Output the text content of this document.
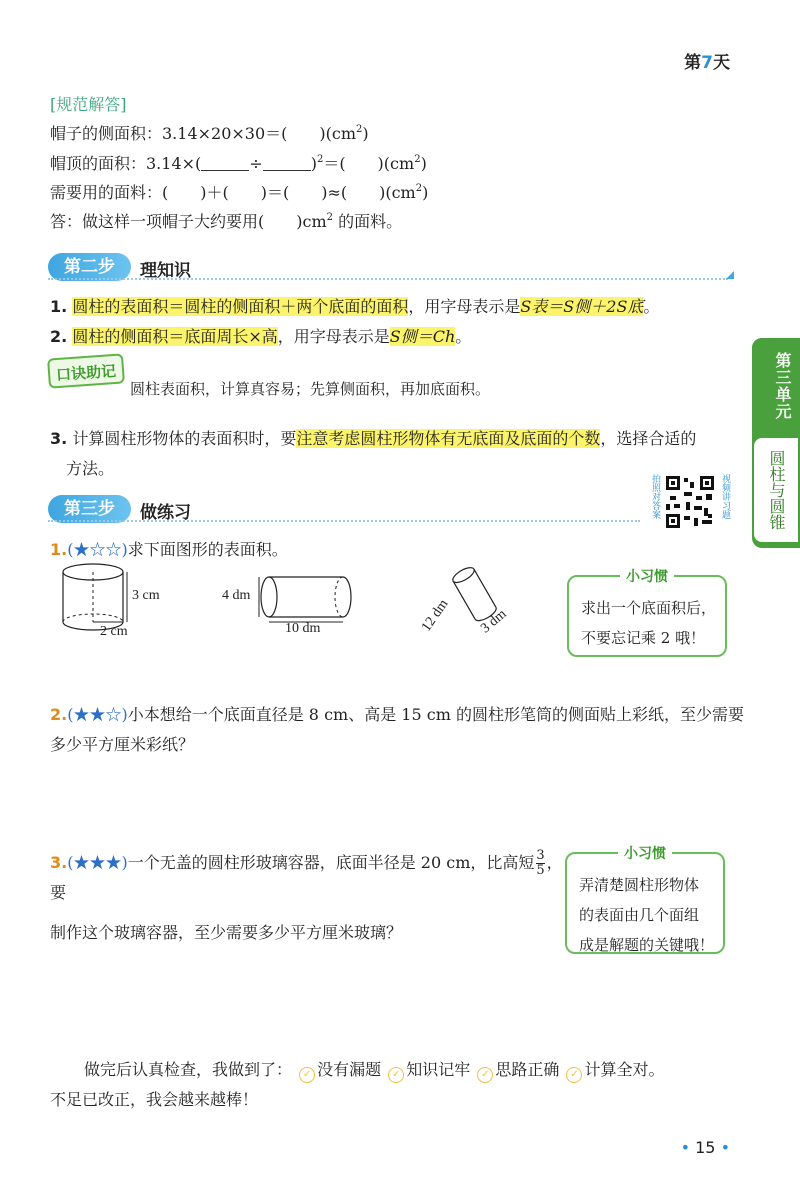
第7天
[规范解答]
帽子的侧面积：3.14×20×30＝(　　)$(cm^2)$
帽顶的面积：3.14×(	÷	)$^2$＝(　　)$(cm^2)$
需要用的面料：(　　)＋(　　)＝(　　)≈(　　)$(cm^2)$
答：做这样一项帽子大约要用(　　)$cm^2$ 的面料。
第二步	理知识
1. 圆柱的表面积＝圆柱的侧面积＋两个底面的面积，用字母表示是S表＝S侧＋2S底。
2. 圆柱的侧面积＝底面周长×高，用字母表示是S侧＝Ch。
口诀助记
圆柱表面积，计算真容易；先算侧面积，再加底面积。
3. 计算圆柱形物体的表面积时，要注意考虑圆柱形物体有无底面及底面的个数，选择合适的
方法。
第三单元
圆柱与圆锥
第三步	做练习	拍照对答案	视频讲习题
1.(★☆☆)求下面图形的表面积。
3 cm
2 cm
4 dm
10 dm	12 dm 3 dm
小习惯
求出一个底面积后，
不要忘记乘 2 哦！
2.(★★☆)小本想给一个底面直径是 8 cm、高是 15 cm 的圆柱形笔筒的侧面贴上彩纸，至少需要
多少平方厘米彩纸？
3.(★★★)一个无盖的圆柱形玻璃容器，底面半径是 20 cm，比高短 $\frac{3}{5}$ ，要
制作这个玻璃容器，至少需要多少平方厘米玻璃？
小习惯
弄清楚圆柱形物体
的表面由几个面组
成是解题的关键哦！
做完后认真检查，我做到了： ✓ 没有漏题 ✓ 知识记牢 ✓ 思路正确 ✓ 计算全对。
不足已改正，我会越来越棒！
• 15 •
